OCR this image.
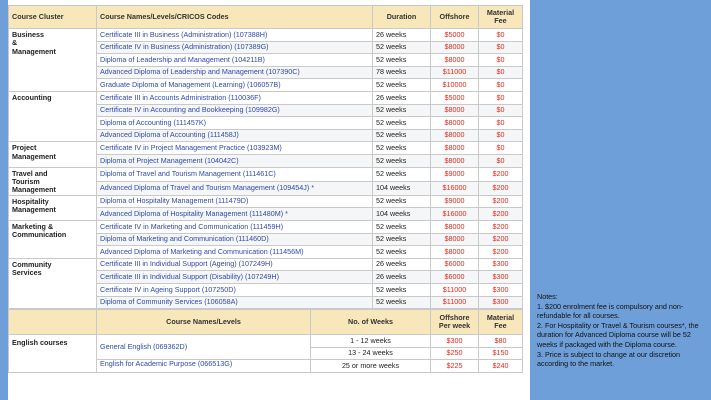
Course Cluster	Course Names/Levels/CRICOS Codes	Duration	Offshore	Material Fee
Business
&
Management	Certificate III in Business (Administration) (107388H)	26 weeks	$5000	$0
	Certificate IV in Business (Administration) (107389G)	52 weeks	$8000	$0
	Diploma of Leadership and Management (104211B)	52 weeks	$8000	$0
	Advanced Diploma of Leadership and Management (107390C)	78 weeks	$11000	$0
	Graduate Diploma of Management (Learning) (106057B)	52 weeks	$10000	$0
Accounting	Certificate III in Accounts Administration (110036F)	26 weeks	$5000	$0
	Certificate IV in Accounting and Bookkeeping (109982G)	52 weeks	$8000	$0
	Diploma of Accounting (111457K)	52 weeks	$8000	$0
	Advanced Diploma of Accounting (111458J)	52 weeks	$8000	$0
Project
Management	Certificate IV in Project Management Practice (103923M)	52 weeks	$8000	$0
	Diploma of Project Management (104042C)	52 weeks	$8000	$0
Travel and
Tourism
Management	Diploma of Travel and Tourism Management (111461C)	52 weeks	$9000	$200
	Advanced Diploma of Travel and Tourism Management (109454J) *	104 weeks	$16000	$200
Hospitality
Management	Diploma of Hospitality Management (111479D)	52 weeks	$9000	$200
	Advanced Diploma of Hospitality Management (111480M) *	104 weeks	$16000	$200
Marketing &
Communication	Certificate IV in Marketing and Communication (111459H)	52 weeks	$8000	$200
	Diploma of Marketing and Communication (111460D)	52 weeks	$8000	$200
	Advanced Diploma of Marketing and Communication (111456M)	52 weeks	$8000	$200
Community
Services	Certificate III in Individual Support (Ageing) (107249H)	26 weeks	$6000	$300
	Certificate III in Individual Support (Disability) (107249H)	26 weeks	$6000	$300
	Certificate IV in Ageing Support (107250D)	52 weeks	$11000	$300
	Diploma of Community Services (106058A)	52 weeks	$11000	$300
	Course Names/Levels	No. of Weeks	Offshore Per week	Material Fee
English courses	General English (069362D)	1 - 12 weeks	$300	$80
		13 - 24 weeks	$250	$150
	English for Academic Purpose (066513G)	25 or more weeks	$225	$240
Notes:
1. $200 enrolment fee is compulsory and non-refundable for all courses.
2. For Hospitality or Travel & Tourism courses*, the duration for Advanced Diploma course will be 52 weeks if packaged with the Diploma course.
3. Price is subject to change at our discretion according to the market.
